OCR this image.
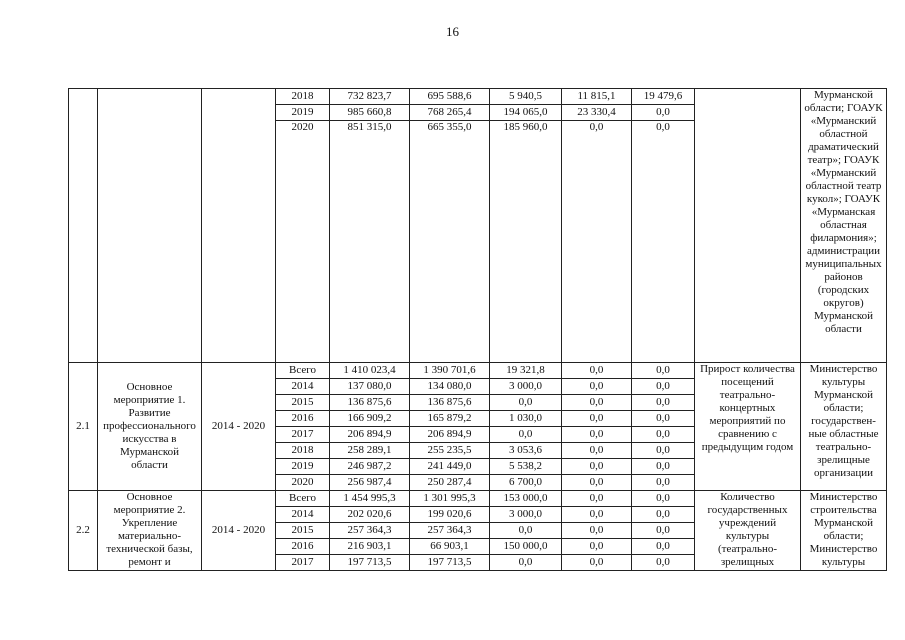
16
			2018	732 823,7	695 588,6	5 940,5	11 815,1	19 479,6		Мурманской области; ГОАУК «Мурманский областной драматический театр»; ГОАУК «Мурманский областной театр кукол»; ГОАУК «Мурманская областная филармония»; администрации муниципальных районов (городских округов) Мурманской области
			2019	985 660,8	768 265,4	194 065,0	23 330,4	0,0		
			2020	851 315,0	665 355,0	185 960,0	0,0	0,0		
2.1	Основное мероприятие 1. Развитие профессионального искусства в Мурманской области	2014 - 2020	Всего	1 410 023,4	1 390 701,6	19 321,8	0,0	0,0	Прирост количества посещений театрально-концертных мероприятий по сравнению с предыдущим годом	Министерство культуры Мурманской области; государствен-ные областные театрально-зрелищные организации
			2014	137 080,0	134 080,0	3 000,0	0,0	0,0		
			2015	136 875,6	136 875,6	0,0	0,0	0,0		
			2016	166 909,2	165 879,2	1 030,0	0,0	0,0		
			2017	206 894,9	206 894,9	0,0	0,0	0,0		
			2018	258 289,1	255 235,5	3 053,6	0,0	0,0		
			2019	246 987,2	241 449,0	5 538,2	0,0	0,0		
			2020	256 987,4	250 287,4	6 700,0	0,0	0,0		
2.2	Основное мероприятие 2. Укрепление материально-технической базы, ремонт и	2014 - 2020	Всего	1 454 995,3	1 301 995,3	153 000,0	0,0	0,0	Количество государственных учреждений культуры (театрально-зрелищных	Министерство строительства Мурманской области; Министерство культуры
			2014	202 020,6	199 020,6	3 000,0	0,0	0,0		
			2015	257 364,3	257 364,3	0,0	0,0	0,0		
			2016	216 903,1	66 903,1	150 000,0	0,0	0,0		
			2017	197 713,5	197 713,5	0,0	0,0	0,0		
